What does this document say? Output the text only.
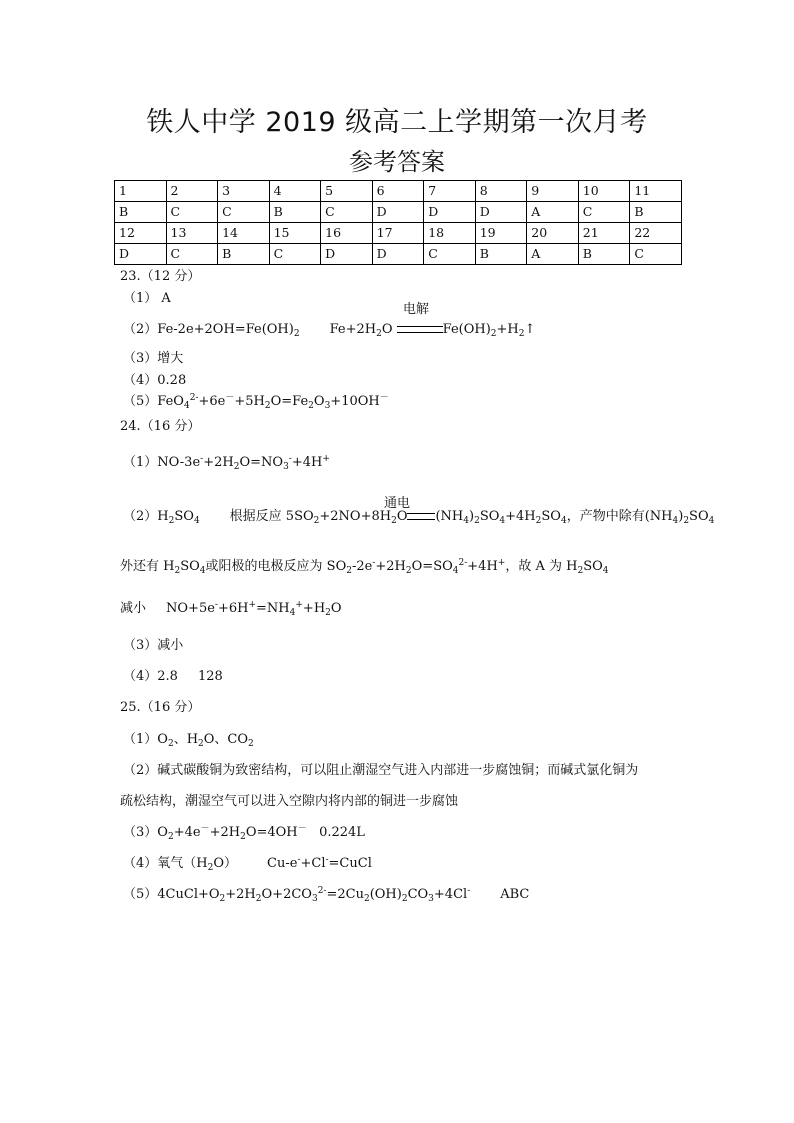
铁人中学 2019 级高二上学期第一次月考
参考答案
1	2	3	4	5	6	7	8	9	10	11
B	C	C	B	C	D	D	D	A	C	B
12	13	14	15	16	17	18	19	20	21	22
D	C	B	C	D	D	C	B	A	B	C
23.（12 分）
（1） A
电解
$(2)Fe-2e+2OH=Fe(OH)_2$ $Fe+2H_2O$	$Fe(OH)_2+H_2↑$
（3）增大
（4）0.28
$(5)FeO_4^{2-}+6e^-+5H_2O=Fe_2O_3+10OH^-$
24.（16 分）
$(1)NO-3e^-+2H_2O=NO_3^-+4H^+$
通电
$(2)H_2SO_4$ 根据反应 $5SO_2+2NO+8H_2O$ $(NH_4)_2SO_4+4H_2SO_4$，产物中除有$(NH_4)_2SO_4$
外还有 $H_2SO_4$或阳极的电极反应为 $SO_2-2e^-+2H_2O=SO_4^{2-}+4H^+$，故 A 为 $H_2SO_4$
减小 $NO+5e^-+6H^+=NH_4^++H_2O$
（3）减小
（4）2.8 128
25.（16 分）
$(1)O_2$、$H_2O$、$CO_2$
（2）碱式碳酸铜为致密结构，可以阻止潮湿空气进入内部进一步腐蚀铜；而碱式氯化铜为
疏松结构，潮湿空气可以进入空隙内将内部的铜进一步腐蚀
$(3)O_2+4e^-+2H_2O=4OH^-$ 0.224L
（4）氧气$(H_2O)$ Cu-e-+Cl-=CuCl
$(5)4CuCl+O_2+2H_2O+2CO_3^{2-}=2Cu_2(OH)_2CO_3+4Cl^-$ ABC
